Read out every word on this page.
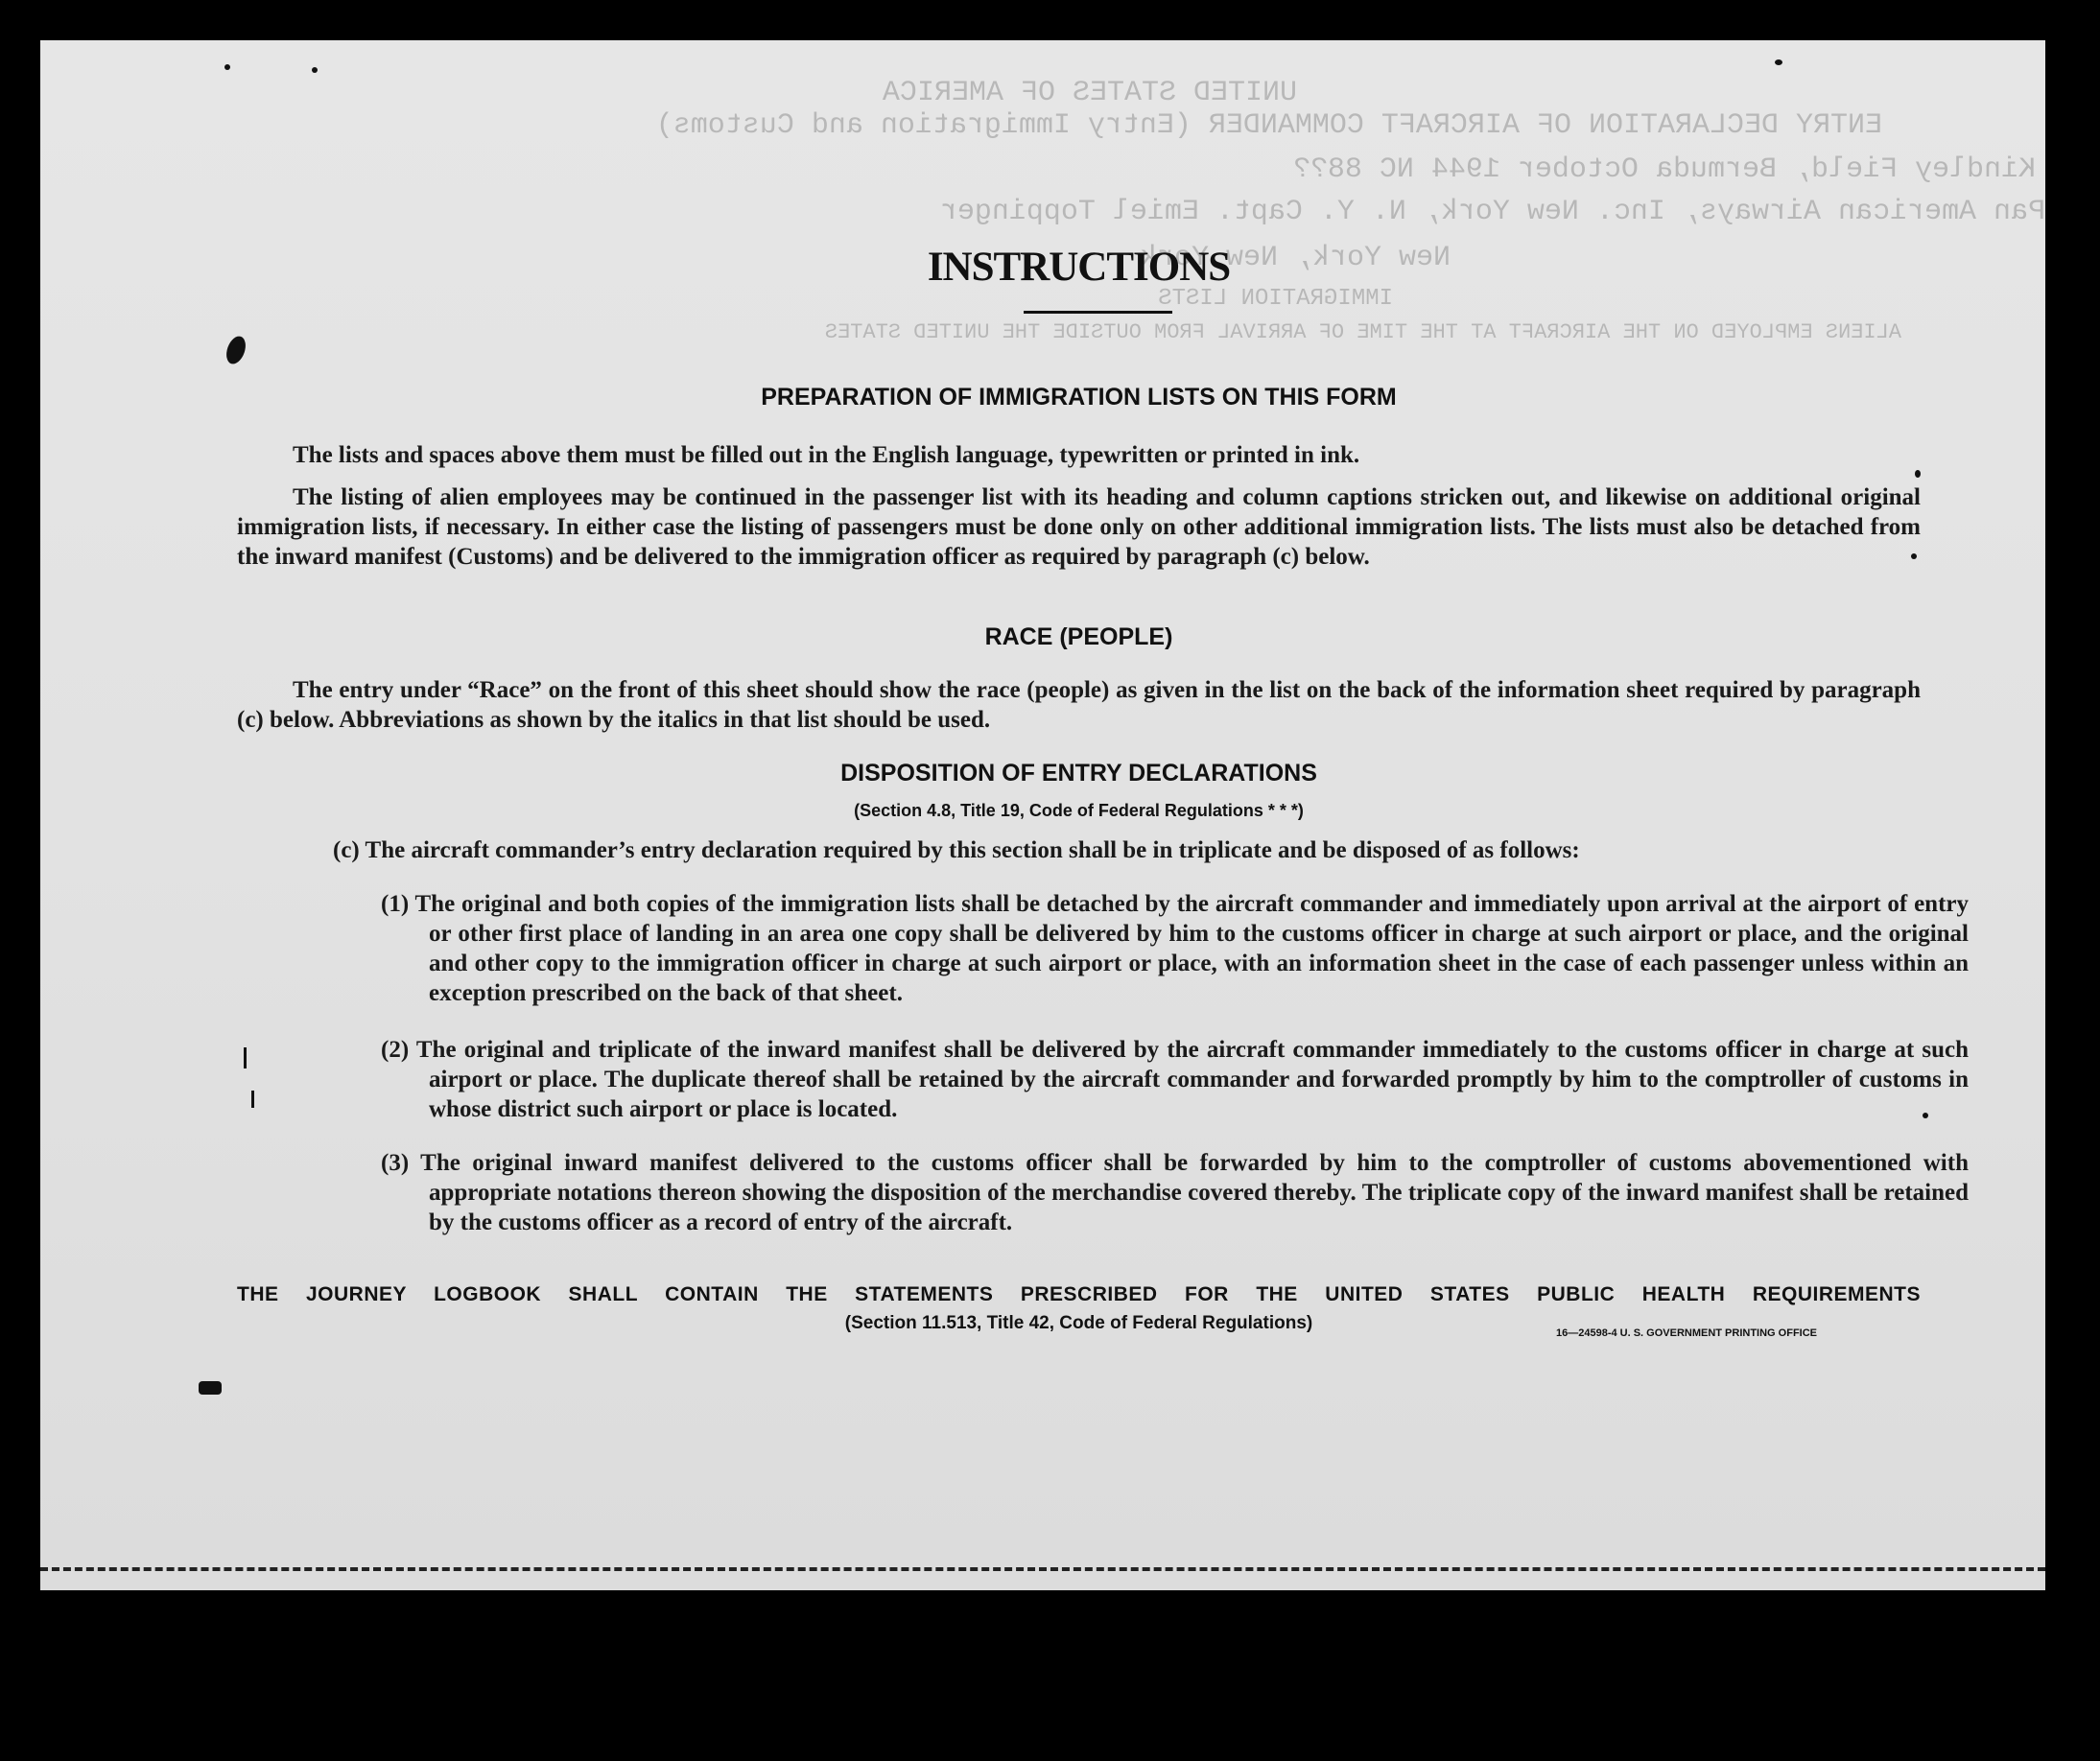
UNITED STATES OF AMERICA
ENTRY DECLARATION OF AIRCRAFT COMMANDER (Entry Immigration and Customs)
Kindley Field, Bermuda October 1944 NC 88??
Pan American Airways, Inc. New York, N. Y. Capt. Emiel Toppinger
New York, New York
IMMIGRATION LISTS
ALIENS EMPLOYED ON THE AIRCRAFT AT THE TIME OF ARRIVAL FROM OUTSIDE THE UNITED STATES
INSTRUCTIONS
PREPARATION OF IMMIGRATION LISTS ON THIS FORM
The lists and spaces above them must be filled out in the English language, typewritten or printed in ink.
The listing of alien employees may be continued in the passenger list with its heading and column captions stricken out, and likewise on additional original immigration lists, if necessary. In either case the listing of passengers must be done only on other additional immigration lists. The lists must also be detached from the inward manifest (Customs) and be delivered to the immigration officer as required by paragraph (c) below.
RACE (PEOPLE)
The entry under “Race” on the front of this sheet should show the race (people) as given in the list on the back of the information sheet required by paragraph (c) below. Abbreviations as shown by the italics in that list should be used.
DISPOSITION OF ENTRY DECLARATIONS
(Section 4.8, Title 19, Code of Federal Regulations * * *)
(c) The aircraft commander’s entry declaration required by this section shall be in triplicate and be disposed of as follows:
(1) The original and both copies of the immigration lists shall be detached by the aircraft commander and immediately upon arrival at the airport of entry or other first place of landing in an area one copy shall be delivered by him to the customs officer in charge at such airport or place, and the original and other copy to the immigration officer in charge at such airport or place, with an information sheet in the case of each passenger unless within an exception prescribed on the back of that sheet.
(2) The original and triplicate of the inward manifest shall be delivered by the aircraft commander immediately to the customs officer in charge at such airport or place. The duplicate thereof shall be retained by the aircraft commander and forwarded promptly by him to the comptroller of customs in whose district such airport or place is located.
(3) The original inward manifest delivered to the customs officer shall be forwarded by him to the comptroller of customs abovementioned with appropriate notations thereon showing the disposition of the merchandise covered thereby. The triplicate copy of the inward manifest shall be retained by the customs officer as a record of entry of the aircraft.
THE JOURNEY LOGBOOK SHALL CONTAIN THE STATEMENTS PRESCRIBED FOR THE UNITED STATES PUBLIC HEALTH REQUIREMENTS
(Section 11.513, Title 42, Code of Federal Regulations)	16—24598-4 U. S. GOVERNMENT PRINTING OFFICE
